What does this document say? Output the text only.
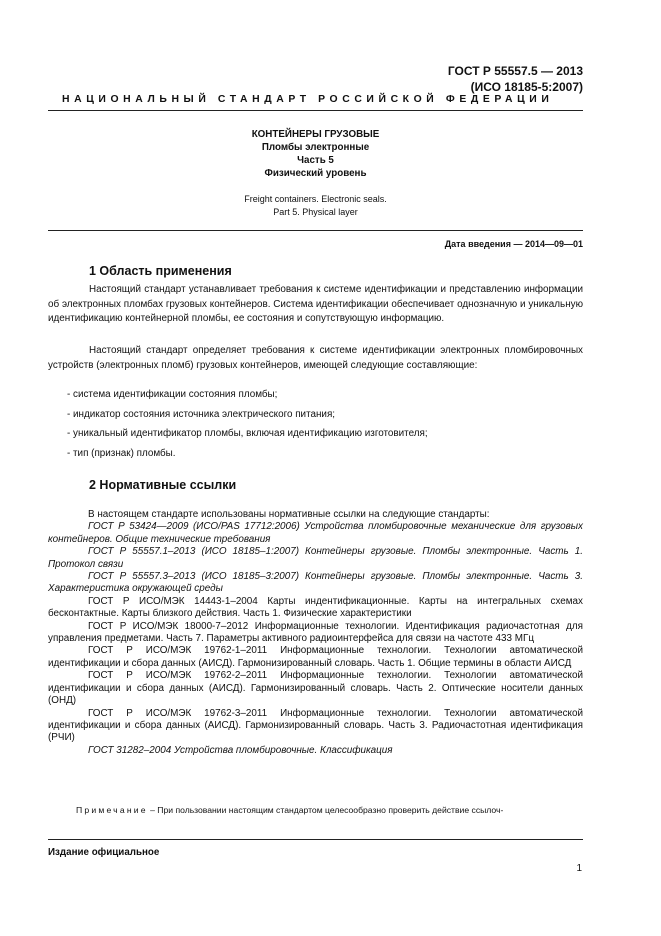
ГОСТ Р 55557.5 — 2013
(ИСО 18185-5:2007)
НАЦИОНАЛЬНЫЙ СТАНДАРТ РОССИЙСКОЙ ФЕДЕРАЦИИ
КОНТЕЙНЕРЫ ГРУЗОВЫЕ
Пломбы электронные
Часть 5
Физический уровень
Freight containers. Electronic seals.
Part 5. Physical layer
Дата введения — 2014—09—01
1 Область применения

Настоящий стандарт устанавливает требования к системе идентификации и представлению информации об электронных пломбах грузовых контейнеров. Система идентификации обеспечивает однозначную и уникальную идентификацию контейнерной пломбы, ее состояния и сопутствующую информацию.

Настоящий стандарт определяет требования к системе идентификации электронных пломбировочных устройств (электронных пломб) грузовых контейнеров, имеющей следующие составляющие:

- система идентификации состояния пломбы;
- индикатор состояния источника электрического питания;
- уникальный идентификатор пломбы, включая идентификацию изготовителя;
- тип (признак) пломбы.
2 Нормативные ссылки

В настоящем стандарте использованы нормативные ссылки на следующие стандарты:

ГОСТ Р 53424—2009 (ИСО/PAS 17712:2006) Устройства пломбировочные механические для грузовых контейнеров. Общие технические требования

ГОСТ Р 55557.1–2013 (ИСО 18185–1:2007) Контейнеры грузовые. Пломбы электронные. Часть 1. Протокол связи

ГОСТ Р 55557.3–2013 (ИСО 18185–3:2007) Контейнеры грузовые. Пломбы электронные. Часть 3. Характеристика окружающей среды

ГОСТ Р ИСО/МЭК 14443-1–2004 Карты индентификационные. Карты на интегральных схемах бесконтактные. Карты близкого действия. Часть 1. Физические характеристики

ГОСТ Р ИСО/МЭК 18000-7–2012 Информационные технологии. Идентификация радиочастотная для управления предметами. Часть 7. Параметры активного радиоинтерфейса для связи на частоте 433 МГц

ГОСТ Р ИСО/МЭК 19762-1–2011 Информационные технологии. Технологии автоматической идентификации и сбора данных (АИСД). Гармонизированный словарь. Часть 1. Общие термины в области АИСД

ГОСТ Р ИСО/МЭК 19762-2–2011 Информационные технологии. Технологии автоматической идентификации и сбора данных (АИСД). Гармонизированный словарь. Часть 2. Оптические носители данных (ОНД)

ГОСТ Р ИСО/МЭК 19762-3–2011 Информационные технологии. Технологии автоматической идентификации и сбора данных (АИСД). Гармонизированный словарь. Часть 3. Радиочастотная идентификация (РЧИ)

ГОСТ 31282–2004 Устройства пломбировочные. Классификация

Примечание – При пользовании настоящим стандартом целесообразно проверить действие ссылоч-
Издание официальное
1
